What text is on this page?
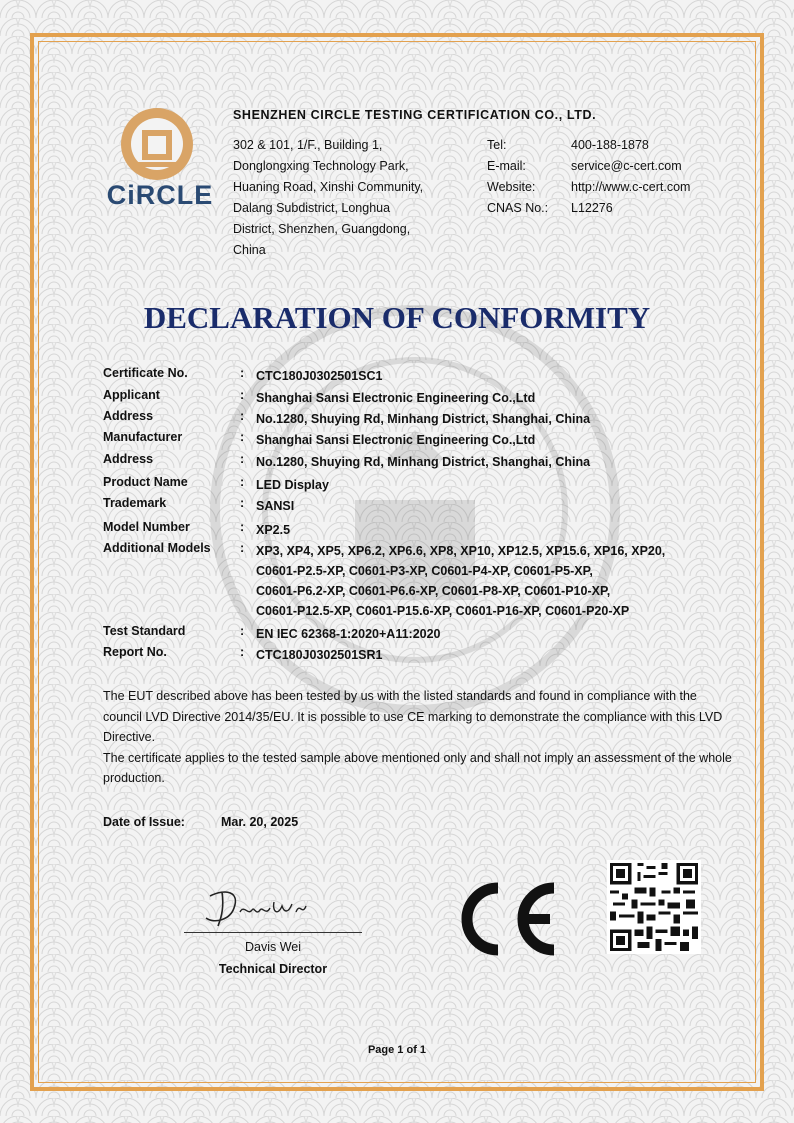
CiRCLE
SHENZHEN CIRCLE TESTING CERTIFICATION CO., LTD.
302 & 101, 1/F., Building 1,
Donglongxing Technology Park,
Huaning Road, Xinshi Community,
Dalang Subdistrict, Longhua
District, Shenzhen, Guangdong,
China
Tel:	400-188-1878
E-mail:	service@c-cert.com
Website:	http://www.c-cert.com
CNAS No.:	L12276
DECLARATION OF CONFORMITY
Certificate No.	: CTC180J0302501SC1
Applicant	: Shanghai Sansi Electronic Engineering Co.,Ltd
Address	: No.1280, Shuying Rd, Minhang District, Shanghai, China
Manufacturer	: Shanghai Sansi Electronic Engineering Co.,Ltd
Address	: No.1280, Shuying Rd, Minhang District, Shanghai, China
Product Name	: LED Display
Trademark	: SANSI
Model Number	: XP2.5
Additional Models	: XP3, XP4, XP5, XP6.2, XP6.6, XP8, XP10, XP12.5, XP15.6, XP16, XP20,
C0601-P2.5-XP, C0601-P3-XP, C0601-P4-XP, C0601-P5-XP,
C0601-P6.2-XP, C0601-P6.6-XP, C0601-P8-XP, C0601-P10-XP,
C0601-P12.5-XP, C0601-P15.6-XP, C0601-P16-XP, C0601-P20-XP
Test Standard	: EN IEC 62368-1:2020+A11:2020
Report No.	: CTC180J0302501SR1

The EUT described above has been tested by us with the listed standards and found in compliance with the council LVD Directive 2014/35/EU. It is possible to use CE marking to demonstrate the compliance with this LVD Directive.

The certificate applies to the tested sample above mentioned only and shall not imply an assessment of the whole production.

Date of Issue:	Mar. 20, 2025
Davis Wei
Technical Director
Page 1 of 1
